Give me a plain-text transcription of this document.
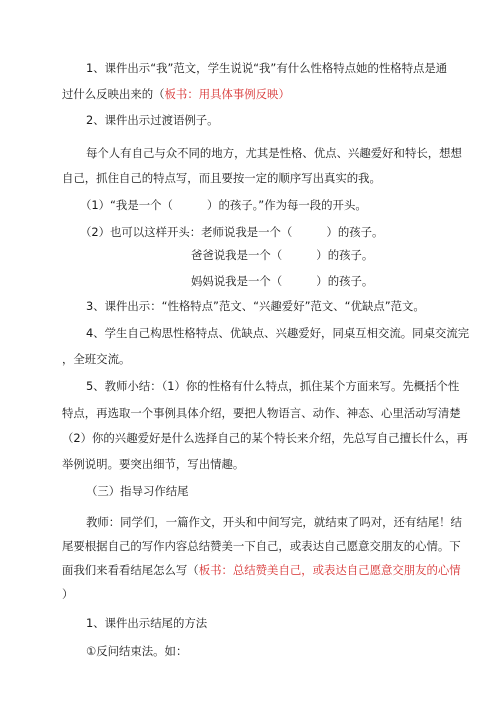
1、课件出示“我”范文，学生说说“我”有什么性格特点她的性格特点是通
过什么反映出来的（板书：用具体事例反映）
2、课件出示过渡语例子。
每个人有自己与众不同的地方，尤其是性格、优点、兴趣爱好和特长，想想
自己，抓住自己的特点写，而且要按一定的顺序写出真实的我。
（1）“我是一个（　　　）的孩子。”作为每一段的开头。
（2）也可以这样开头：老师说我是一个（　　　）的孩子。
爸爸说我是一个（　　　）的孩子。
妈妈说我是一个（　　　）的孩子。
3、课件出示：“性格特点”范文、“兴趣爱好”范文、“优缺点”范文。
4、学生自己构思性格特点、优缺点、兴趣爱好，同桌互相交流。同桌交流完
，全班交流。
5、教师小结：（1）你的性格有什么特点，抓住某个方面来写。先概括个性
特点，再选取一个事例具体介绍，要把人物语言、动作、神态、心里活动写清楚
（2）你的兴趣爱好是什么选择自己的某个特长来介绍，先总写自己擅长什么，再
举例说明。要突出细节，写出情趣。
（三）指导习作结尾
教师：同学们，一篇作文，开头和中间写完，就结束了吗对，还有结尾！结
尾要根据自己的写作内容总结赞美一下自己，或表达自己愿意交朋友的心情。下
面我们来看看结尾怎么写（板书：总结赞美自己，或表达自己愿意交朋友的心情
）
1、课件出示结尾的方法
①反问结束法。如：
